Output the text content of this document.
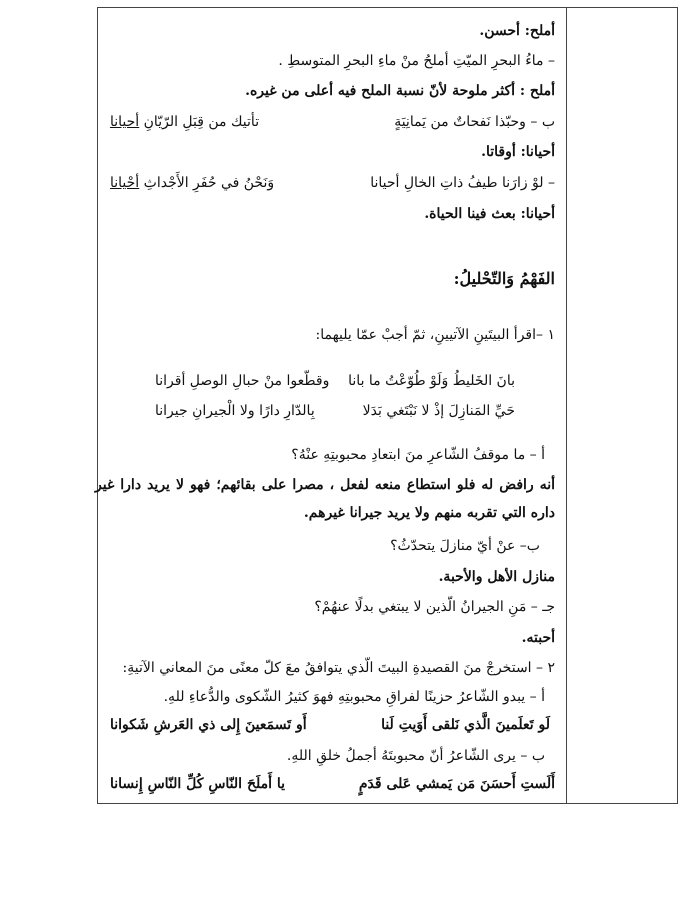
أملح: أحسن.
– ماءُ البحرِ الميّتِ أملحُ منْ ماءِ البحرِ المتوسطِ .
أملح : أكثر ملوحة لأنّ نسبة الملح فيه أعلى من غيره.
ب – وحبّذا نَفحاتٌ من يَمانِيَةٍ
تأتيك من قِبَلِ الرّيّانِ أحيانا
أحيانا: أوقاتا.
– لوْ زارَنا طيفُ ذاتِ الخالِ أحيانا
وَنَحْنُ في حُفَرِ الأَجْداثِ أحْيانا
أحيانا: بعث فينا الحياة.
الفَهْمُ وَالتّحْليلُ:
١ –اقرأ البيتَينِ الآتيينِ، ثمّ أجبْ عمّا يليهما:
بانَ الخَليطُ وَلَوْ طُوّعْتُ ما بانا
وقطّعوا منْ حبالِ الوصلِ أقرانا
حَيِّ المَنازِلَ إذْ لا نَبْتَغي بَدَلا
بِالدّارِ دارًا ولا الْجيرانِ جيرانا
أ – ما موقفُ الشّاعرِ منَ ابتعادِ محبوبتِهِ عنْهُ؟
أنه رافض له فلو استطاع منعه لفعل ، مصرا على بقائهم؛ فهو لا يريد دارا غير داره التي تقربه منهم ولا يريد جيرانا غيرهم.
ب– عنْ أيّ منازلَ يتحدّثُ؟
منازل الأهل والأحبة.
جـ – مَنِ الجيرانُ الّذين لا يبتغي بدلًا عنهُمْ؟
أحبته.
٢ – استخرجْ منَ القصيدةِ البيتَ الّذي يتوافقُ معَ كلّ معنًى منَ المعاني الآتيةِ:
أ – يبدو الشّاعرُ حزينًا لفراقِ محبوبتِهِ فهوَ كثيرُ الشّكوى والدُّعاءِ للهِ.
لَو تَعلَمينَ الَّذي نَلقى أَوَيتِ لَنا
أَو تَسمَعينَ إِلى ذي العَرشِ شَكوانا
ب – يرى الشّاعرُ أنّ محبوبتَهُ أجملُ خلقِ اللهِ.
أَلَستِ أَحسَنَ مَن يَمشي عَلى قَدَمٍ
يا أَملَحَ النّاسِ كُلِّ النّاسِ إِنسانا
